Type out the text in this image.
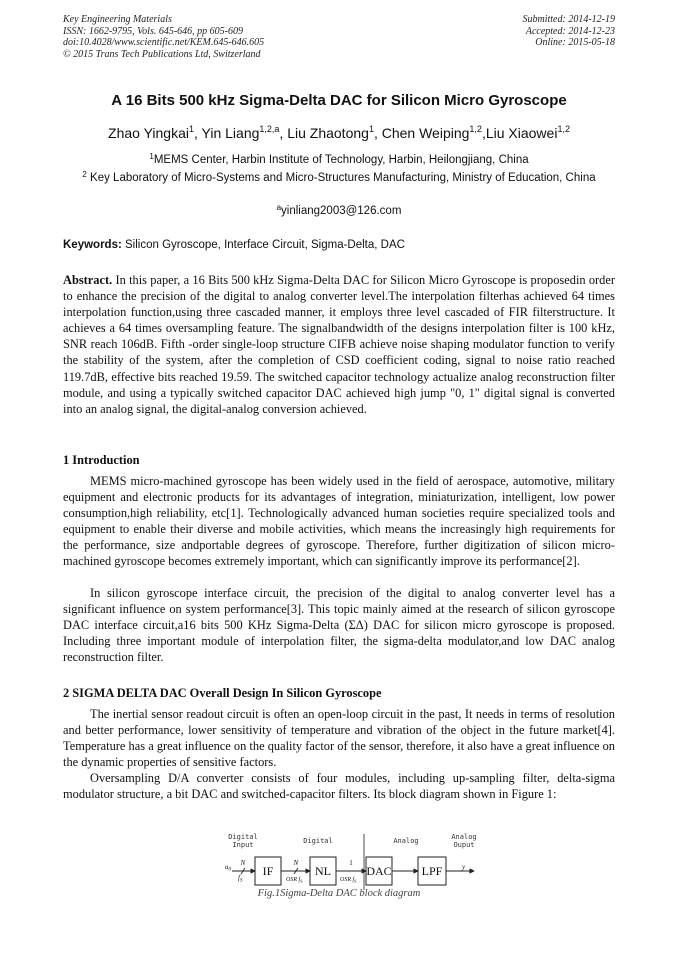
Key Engineering Materials
ISSN: 1662-9795, Vols. 645-646, pp 605-609
doi:10.4028/www.scientific.net/KEM.645-646.605
© 2015 Trans Tech Publications Ltd, Switzerland
Submitted: 2014-12-19
Accepted: 2014-12-23
Online: 2015-05-18
A 16 Bits 500 kHz Sigma-Delta DAC for Silicon Micro Gyroscope
Zhao Yingkai$^1$, Yin Liang$^{1,2,a}$, Liu Zhaotong$^1$, Chen Weiping$^{1,2}$,Liu Xiaowei$^{1,2}$
$^1$MEMS Center, Harbin Institute of Technology, Harbin, Heilongjiang, China
$^2$ Key Laboratory of Micro-Systems and Micro-Structures Manufacturing, Ministry of Education, China
$^a$yinliang2003@126.com
Keywords: Silicon Gyroscope, Interface Circuit, Sigma-Delta, DAC
Abstract. In this paper, a 16 Bits 500 kHz Sigma-Delta DAC for Silicon Micro Gyroscope is proposedin order to enhance the precision of the digital to analog converter level.The interpolation filterhas achieved 64 times interpolation function,using three cascaded manner, it employs three level cascaded of FIR filterstructure. It achieves a 64 times oversampling feature. The signalbandwidth of the designs interpolation filter is 100 kHz, SNR reach 106dB. Fifth -order single-loop structure CIFB achieve noise shaping modulator function to verify the stability of the system, after the completion of CSD coefficient coding, signal to noise ratio reached 119.7dB, effective bits reached 19.59. The switched capacitor technology actualize analog reconstruction filter module, and using a typically switched capacitor DAC achieved high jump "0, 1" digital signal is converted into an analog signal, the digital-analog conversion achieved.
1 Introduction
MEMS micro-machined gyroscope has been widely used in the field of aerospace, automotive, military equipment and electronic products for its advantages of integration, miniaturization, intelligent, low power consumption,high reliability, etc[1]. Technologically advanced human societies require specialized tools and equipment to enable their diverse and mobile activities, which means the increasingly high requirements for the performance, size andportable degrees of gyroscope. Therefore, further digitization of silicon micro-machined gyroscope becomes extremely important, which can significantly improve its performance[2].
In silicon gyroscope interface circuit, the precision of the digital to analog converter level has a significant influence on system performance[3]. This topic mainly aimed at the research of silicon gyroscope DAC interface circuit,a16 bits 500 KHz Sigma-Delta (ΣΔ) DAC for silicon micro gyroscope is proposed. Including three important module of interpolation filter, the sigma-delta modulator,and low DAC analog reconstruction filter.
2 SIGMA DELTA DAC Overall Design In Silicon Gyroscope
The inertial sensor readout circuit is often an open-loop circuit in the past, It needs in terms of resolution and better performance, lower sensitivity of temperature and vibration of the object in the future market[4]. Temperature has a great influence on the quality factor of the sensor, therefore, it also have a great influence on the dynamic properties of sensitive factors.
Oversampling D/A converter consists of four modules, including up-sampling filter, delta-sigma modulator structure, a bit DAC and switched-capacitor filters. Its block diagram shown in Figure 1:
Digital
Input	Digital	Analog	Analog
Ouput
IF	NL	DAC LPF
$u_0$
N
$f_S$
N
OSR $f_S$
1
OSR $f_S$
y
Fig.1Sigma-Delta DAC block diagram
